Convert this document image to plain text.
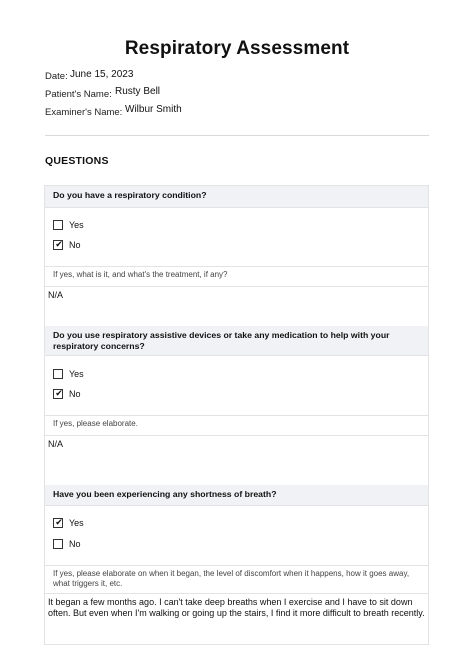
Respiratory Assessment
Date: June 15, 2023
Patient's Name: Rusty Bell
Examiner's Name: Wilbur Smith
QUESTIONS
Do you have a respiratory condition?
Yes
✔
No
If yes, what is it, and what's the treatment, if any?
N/A
Do you use respiratory assistive devices or take any medication to help with your respiratory concerns?
Yes
✔
No
If yes, please elaborate.
N/A
Have you been experiencing any shortness of breath?
✔
Yes
No
If yes, please elaborate on when it began, the level of discomfort when it happens, how it goes away, what triggers it, etc.
It began a few months ago. I can't take deep breaths when I exercise and I have to sit down often. But even when I'm walking or going up the stairs, I find it more difficult to breath recently.
